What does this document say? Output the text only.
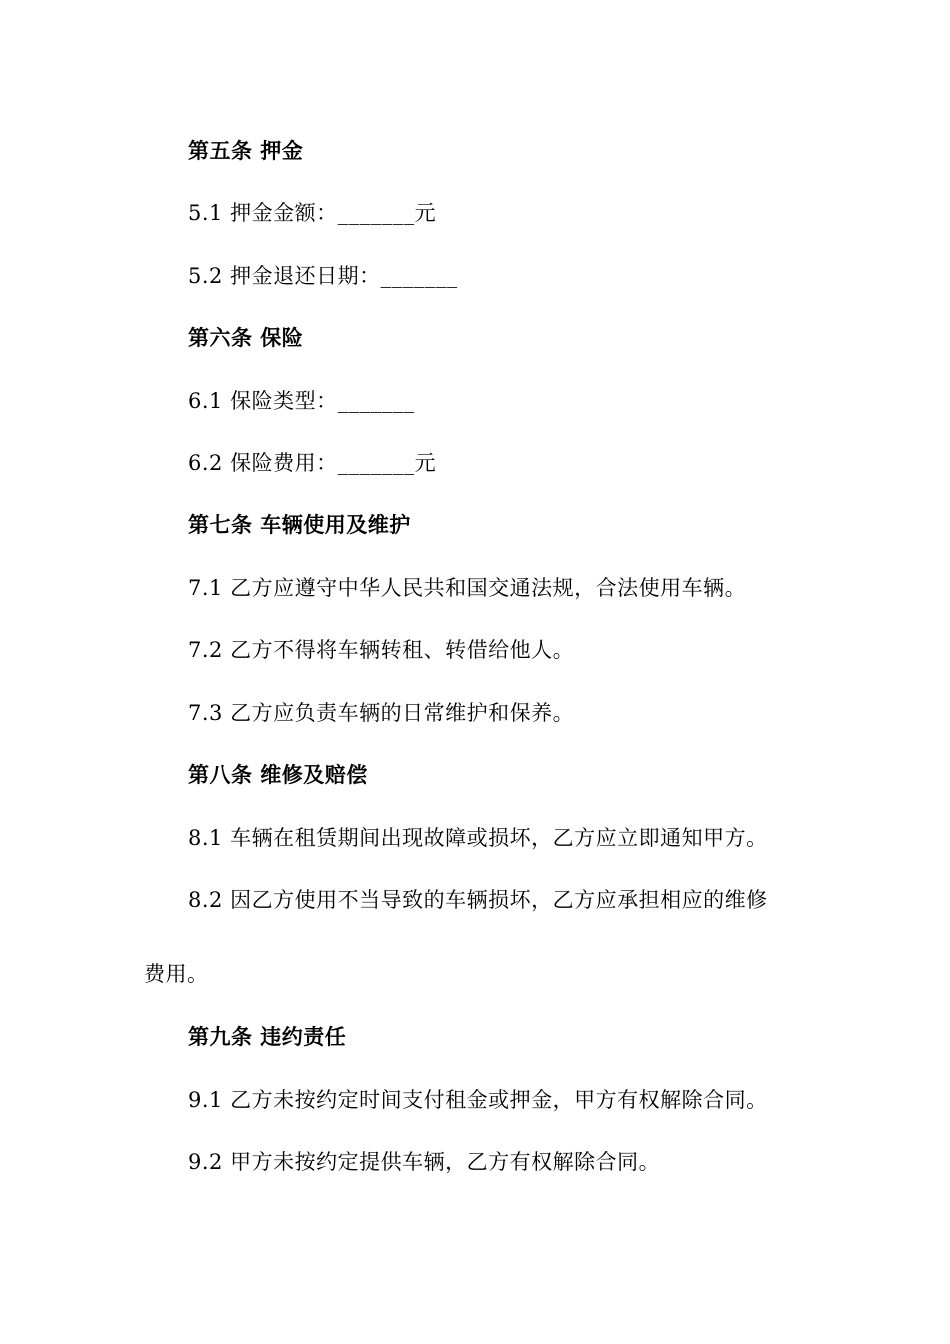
第五条 押金
5.1 押金金额：_______元
5.2 押金退还日期：_______
第六条 保险
6.1 保险类型：_______
6.2 保险费用：_______元
第七条 车辆使用及维护
7.1 乙方应遵守中华人民共和国交通法规，合法使用车辆。
7.2 乙方不得将车辆转租、转借给他人。
7.3 乙方应负责车辆的日常维护和保养。
第八条 维修及赔偿
8.1 车辆在租赁期间出现故障或损坏，乙方应立即通知甲方。
8.2 因乙方使用不当导致的车辆损坏，乙方应承担相应的维修
费用。
第九条 违约责任
9.1 乙方未按约定时间支付租金或押金，甲方有权解除合同。
9.2 甲方未按约定提供车辆，乙方有权解除合同。
